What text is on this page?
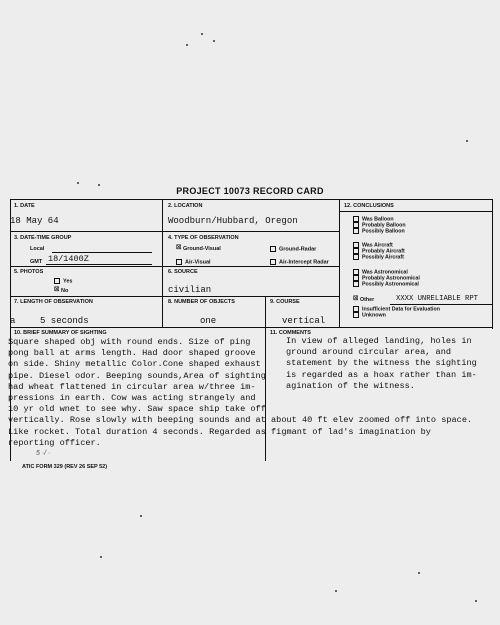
PROJECT 10073 RECORD CARD
1. DATE
18 May 64
2. LOCATION
Woodburn/Hubbard, Oregon
3. DATE-TIME GROUP
Local
GMT 18/1400Z
4. TYPE OF OBSERVATION
☒ Ground-Visual	Ground-Radar
Air-Visual	Air-Intercept Radar
5. PHOTOS
Yes
☒ No
6. SOURCE
civilian
7. LENGTH OF OBSERVATION
a	5 seconds
8. NUMBER OF OBJECTS
one
9. COURSE
vertical
12. CONCLUSIONS
Was Balloon
Probably Balloon
Possibly Balloon
Was Aircraft
Probably Aircraft
Possibly Aircraft
Was Astronomical
Probably Astronomical
Possibly Astronomical
☒ Other	XXXX UNRELIABLE RPT
Insufficient Data for Evaluation
Unknown
10. BRIEF SUMMARY OF SIGHTING
Square shaped obj with round ends. Size of ping
pong ball at arms length. Had door shaped groove
on side. Shiny metallic Color.Cone shaped exhaust
pipe. Diesel odor. Beeping sounds,Area of sighting
had wheat flattened in circular area w/three im-
pressions in earth. Cow was acting strangely and
10 yr old wnet to see why. Saw space ship take off
vertically. Rose slowly with beeping sounds and at about 40 ft elev zoomed off into space.
Like rocket. Total duration 4 seconds. Regarded as figmant of lad's imagination by
reporting officer.
11. COMMENTS
In view of alleged landing, holes in
ground around circular area, and
statement by the witness the sighting
is regarded as a hoax rather than im-
agination of the witness.
5 ·/ ·
ATIC FORM 329 (REV 26 SEP 52)
